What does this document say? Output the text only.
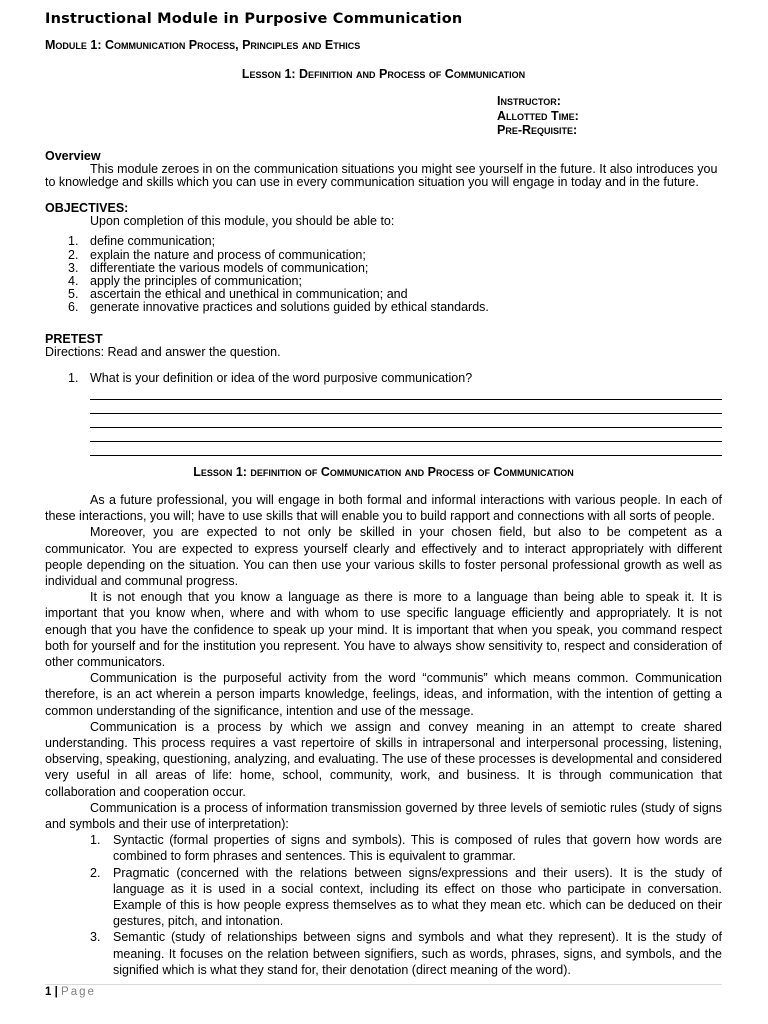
Instructional Module in Purposive Communication
Module 1: Communication Process, Principles and Ethics
Lesson 1: Definition and Process of Communication
Instructor:
Allotted Time:
Pre-Requisite:
Overview
This module zeroes in on the communication situations you might see yourself in the future. It also introduces you to knowledge and skills which you can use in every communication situation you will engage in today and in the future.
OBJECTIVES:
Upon completion of this module, you should be able to:
1. define communication;
2. explain the nature and process of communication;
3. differentiate the various models of communication;
4. apply the principles of communication;
5. ascertain the ethical and unethical in communication; and
6. generate innovative practices and solutions guided by ethical standards.
PRETEST
Directions: Read and answer the question.
1. What is your definition or idea of the word purposive communication?
Lesson 1: definition of Communication and Process of Communication

As a future professional, you will engage in both formal and informal interactions with various people. In each of these interactions, you will; have to use skills that will enable you to build rapport and connections with all sorts of people.

Moreover, you are expected to not only be skilled in your chosen field, but also to be competent as a communicator. You are expected to express yourself clearly and effectively and to interact appropriately with different people depending on the situation. You can then use your various skills to foster personal professional growth as well as individual and communal progress.

It is not enough that you know a language as there is more to a language than being able to speak it. It is important that you know when, where and with whom to use specific language efficiently and appropriately. It is not enough that you have the confidence to speak up your mind. It is important that when you speak, you command respect both for yourself and for the institution you represent. You have to always show sensitivity to, respect and consideration of other communicators.

Communication is the purposeful activity from the word “communis” which means common. Communication therefore, is an act wherein a person imparts knowledge, feelings, ideas, and information, with the intention of getting a common understanding of the significance, intention and use of the message.

Communication is a process by which we assign and convey meaning in an attempt to create shared understanding. This process requires a vast repertoire of skills in intrapersonal and interpersonal processing, listening, observing, speaking, questioning, analyzing, and evaluating. The use of these processes is developmental and considered very useful in all areas of life: home, school, community, work, and business. It is through communication that collaboration and cooperation occur.

Communication is a process of information transmission governed by three levels of semiotic rules (study of signs and symbols and their use of interpretation):

1. Syntactic (formal properties of signs and symbols). This is composed of rules that govern how words are combined to form phrases and sentences. This is equivalent to grammar.
2. Pragmatic (concerned with the relations between signs/expressions and their users). It is the study of language as it is used in a social context, including its effect on those who participate in conversation. Example of this is how people express themselves as to what they mean etc. which can be deduced on their gestures, pitch, and intonation.
3. Semantic (study of relationships between signs and symbols and what they represent). It is the study of meaning. It focuses on the relation between signifiers, such as words, phrases, signs, and symbols, and the signified which is what they stand for, their denotation (direct meaning of the word).
1 | Page
